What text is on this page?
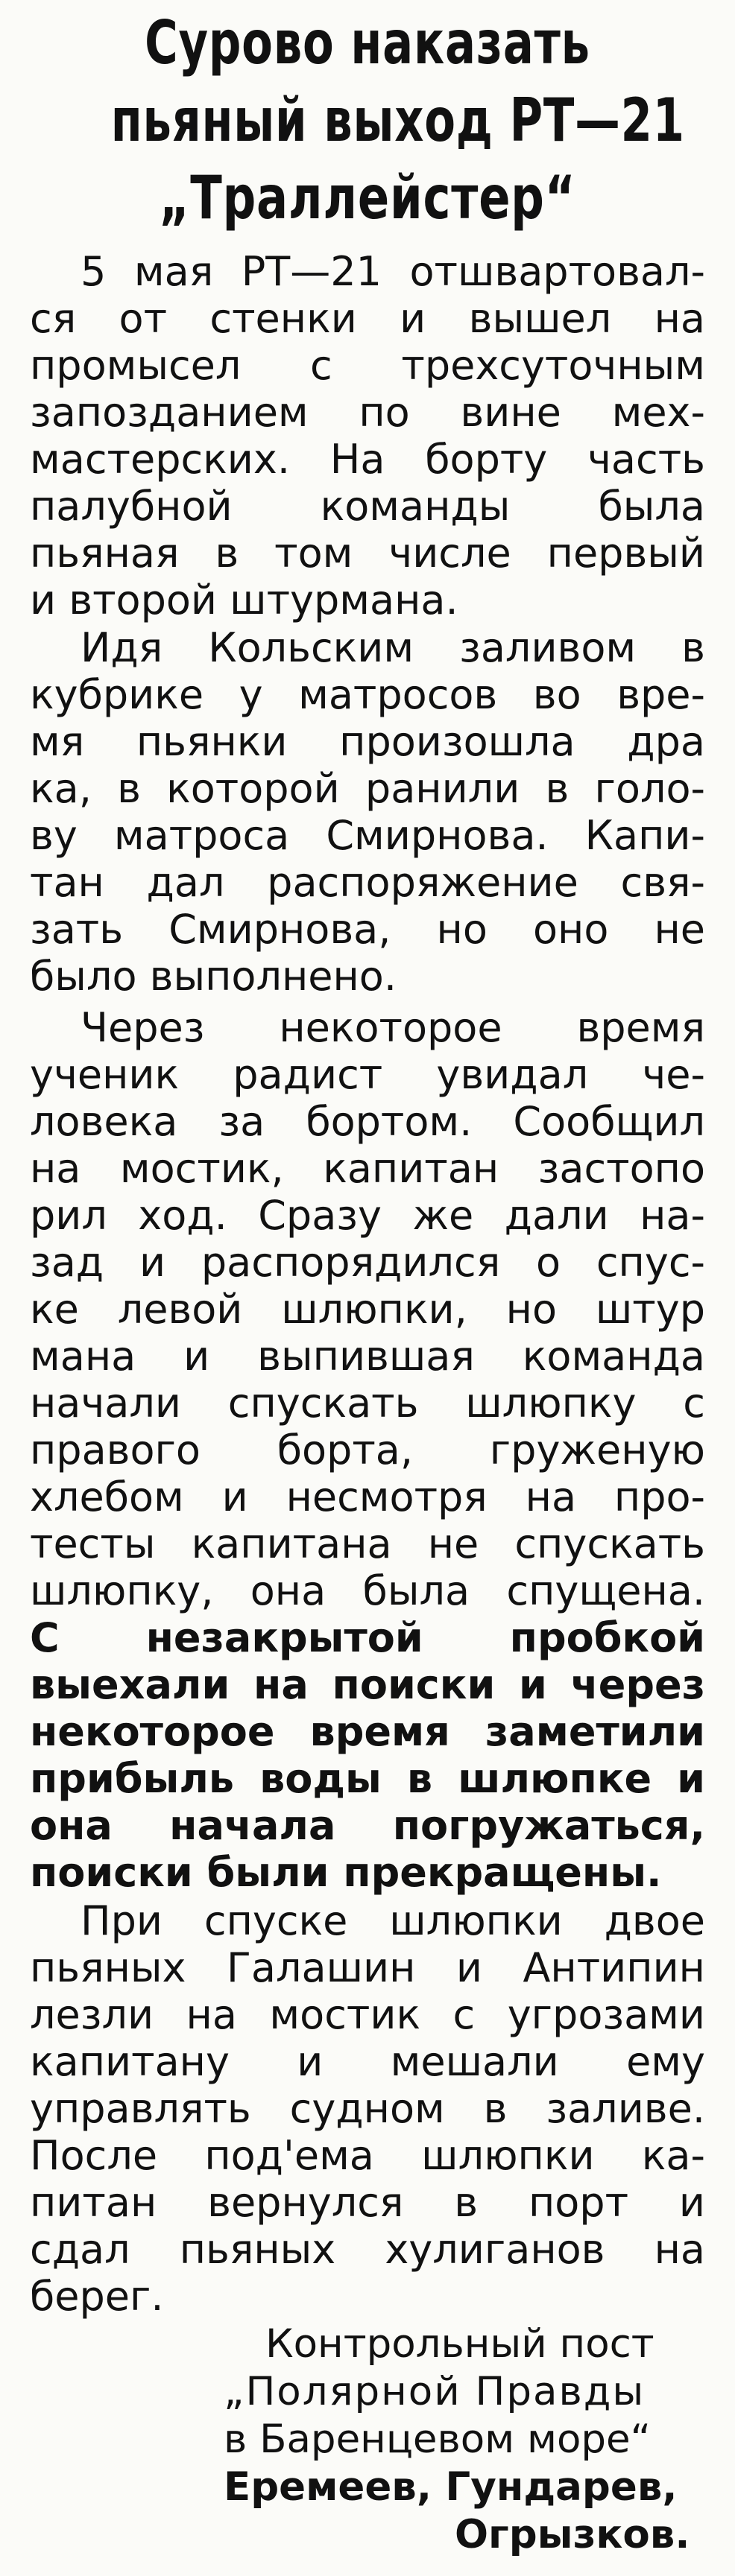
Сурово наказать
пьяный выход РТ—21
„Траллейстер“
5 мая РТ—21 отшвартовал-
ся от стенки и вышел на
промысел с трехсуточным
запозданием по вине мех-
мастерских. На борту часть
палубной команды была
пьяная в том числе первый
и второй штурмана.
Идя Кольским заливом в
кубрике у матросов во вре-
мя пьянки произошла дра
ка, в которой ранили в голо-
ву матроса Смирнова. Капи-
тан дал распоряжение свя-
зать Смирнова, но оно не
было выполнено.
Через некоторое время
ученик радист увидал че-
ловека за бортом. Сообщил
на мостик, капитан застопо
рил ход. Сразу же дали на-
зад и распорядился о спус-
ке левой шлюпки, но штур
мана и выпившая команда
начали спускать шлюпку с
правого борта, груженую
хлебом и несмотря на про-
тесты капитана не спускать
шлюпку, она была спущена.
С незакрытой пробкой
выехали на поиски и через
некоторое время заметили
прибыль воды в шлюпке и
она начала погружаться,
поиски были прекращены.
При спуске шлюпки двое
пьяных Галашин и Антипин
лезли на мостик с угрозами
капитану и мешали ему
управлять судном в заливе.
После под'ема шлюпки ка-
питан вернулся в порт и
сдал пьяных хулиганов на
берег.
Контрольный пост
„Полярной Правды
в Баренцевом море“
Еремеев, Гундарев,
Огрызков.
